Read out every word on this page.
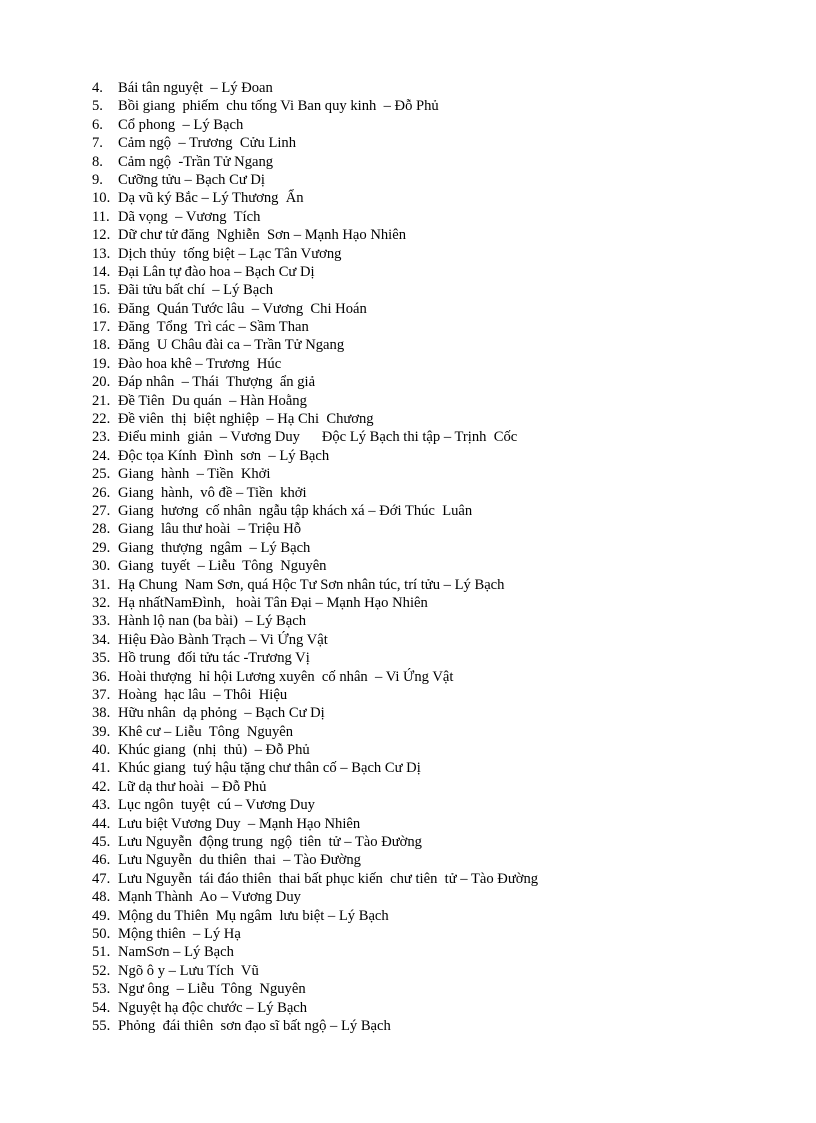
4.	Bái tân nguyệt  – Lý Đoan
5.	Bồi giang  phiếm  chu tống Vi Ban quy kinh  – Đỗ Phủ
6.	Cổ phong  – Lý Bạch
7.	Cảm ngộ  – Trương  Cửu Linh
8.	Cảm ngộ  -Trần Tử Ngang
9.	Cưỡng tửu – Bạch Cư Dị
10. Dạ vũ ký Bắc – Lý Thương  Ẩn
11. Dã vọng  – Vương  Tích
12. Dữ chư tử đăng  Nghiễn  Sơn – Mạnh Hạo Nhiên
13. Dịch thủy  tống biệt – Lạc Tân Vương
14. Đại Lân tự đào hoa – Bạch Cư Dị
15. Đãi tửu bất chí  – Lý Bạch
16. Đăng  Quán Tước lâu  – Vương  Chi Hoán
17. Đăng  Tổng  Trì các – Sầm Than
18. Đăng  U Châu đài ca – Trần Tử Ngang
19. Đào hoa khê – Trương  Húc
20. Đáp nhân  – Thái  Thượng  ẩn giả
21. Đề Tiên  Du quán  – Hàn Hoằng
22. Đề viên  thị  biệt nghiệp  – Hạ Chi  Chương
23. Điểu minh  giản  – Vương Duy      Độc Lý Bạch thi tập – Trịnh  Cốc
24. Độc tọa Kính  Đình  sơn  – Lý Bạch
25. Giang  hành  – Tiền  Khởi
26. Giang  hành,  vô đề – Tiền  khởi
27. Giang  hương  cố nhân  ngẫu tập khách xá – Đới Thúc  Luân
28. Giang  lâu thư hoài  – Triệu Hỗ
29. Giang  thượng  ngâm  – Lý Bạch
30. Giang  tuyết  – Liễu  Tông  Nguyên
31. Hạ Chung  Nam Sơn, quá Hộc Tư Sơn nhân túc, trí tửu – Lý Bạch
32. Hạ nhấtNamĐình,   hoài Tân Đại – Mạnh Hạo Nhiên
33. Hành lộ nan (ba bài)  – Lý Bạch
34. Hiệu Đào Bành Trạch – Vi Ứng Vật
35. Hồ trung  đối tửu tác -Trương Vị
36. Hoài thượng  hỉ hội Lương xuyên  cố nhân  – Vi Ứng Vật
37. Hoàng  hạc lâu  – Thôi  Hiệu
38. Hữu nhân  dạ phỏng  – Bạch Cư Dị
39. Khê cư – Liễu  Tông  Nguyên
40. Khúc giang  (nhị  thủ)  – Đỗ Phủ
41. Khúc giang  tuý hậu tặng chư thân cố – Bạch Cư Dị
42. Lữ dạ thư hoài  – Đỗ Phủ
43. Lục ngôn  tuyệt  cú – Vương Duy
44. Lưu biệt Vương Duy  – Mạnh Hạo Nhiên
45. Lưu Nguyễn  động trung  ngộ  tiên  tử – Tào Đường
46. Lưu Nguyễn  du thiên  thai  – Tào Đường
47. Lưu Nguyễn  tái đáo thiên  thai bất phục kiến  chư tiên  tử – Tào Đường
48. Mạnh Thành  Ao – Vương Duy
49. Mộng du Thiên  Mụ ngâm  lưu biệt – Lý Bạch
50. Mộng thiên  – Lý Hạ
51. NamSơn – Lý Bạch
52. Ngõ ô y – Lưu Tích  Vũ
53. Ngư ông  – Liễu  Tông  Nguyên
54. Nguyệt hạ độc chước – Lý Bạch
55. Phỏng  đái thiên  sơn đạo sĩ bất ngộ – Lý Bạch
